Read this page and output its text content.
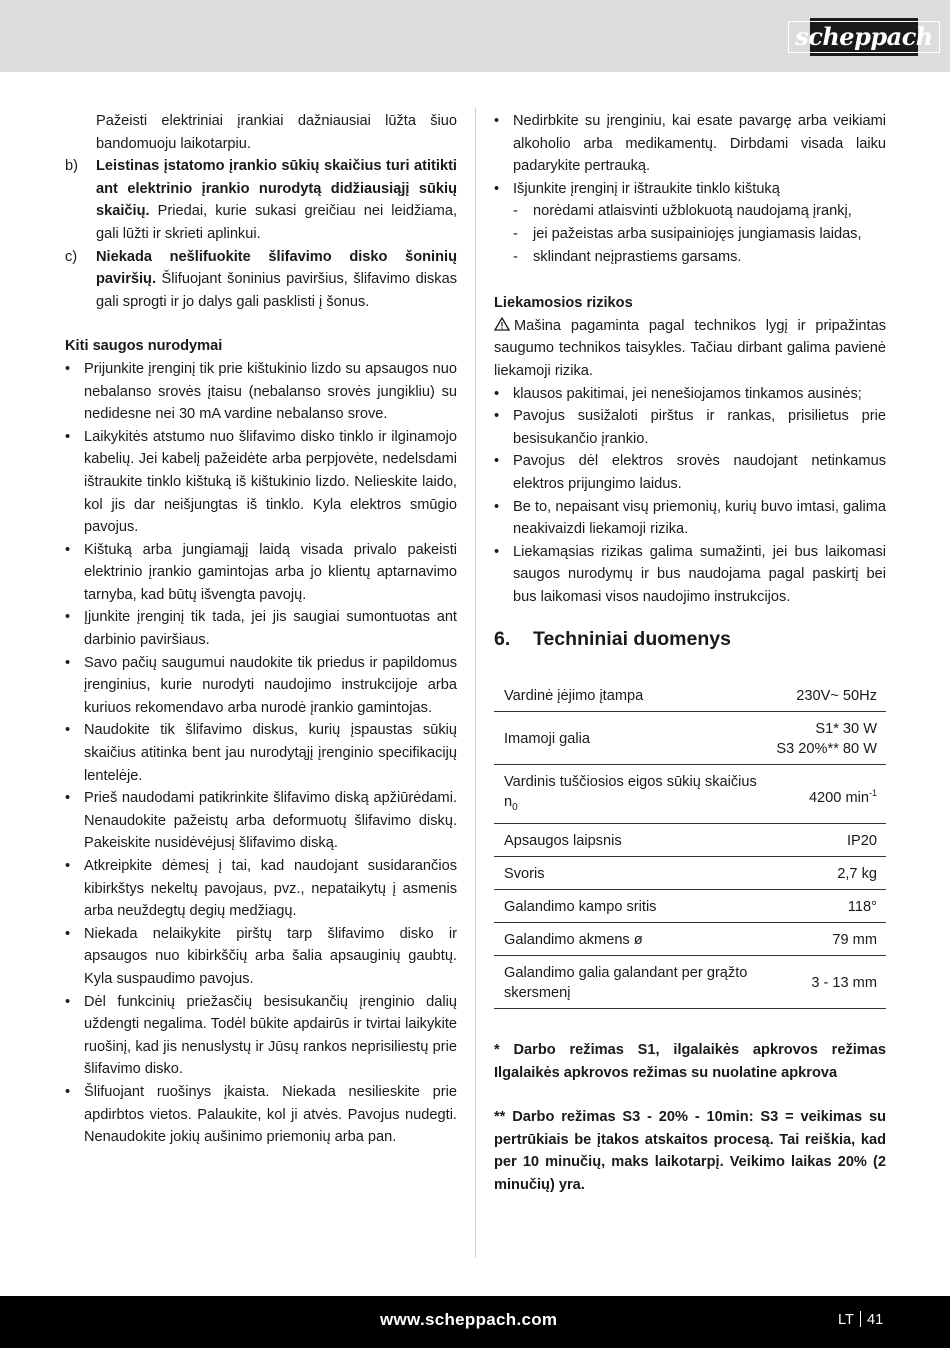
scheppach

Pažeisti elektriniai įrankiai dažniausiai lūžta šiuo bandomuoju laikotarpiu.

b) Leistinas įstatomo įrankio sūkių skaičius turi atitikti ant elektrinio įrankio nurodytą didžiausiąjį sūkių skaičių. Priedai, kurie sukasi greičiau nei leidžiama, gali lūžti ir skrieti aplinkui.
c) Niekada nešlifuokite šlifavimo disko šoninių paviršių. Šlifuojant šoninius paviršius, šlifavimo diskas gali sprogti ir jo dalys gali pasklisti į šonus.

Kiti saugos nurodymai

• Prijunkite įrenginį tik prie kištukinio lizdo su apsaugos nuo nebalanso srovės įtaisu (nebalanso srovės jungikliu) su nedidesne nei 30 mA vardine nebalanso srove.

• Laikykitės atstumo nuo šlifavimo disko tinklo ir ilginamojo kabelių. Jei kabelį pažeidėte arba perpjovėte, nedelsdami ištraukite tinklo kištuką iš kištukinio lizdo. Nelieskite laido, kol jis dar neišjungtas iš tinklo. Kyla elektros smūgio pavojus.

• Kištuką arba jungiamąjį laidą visada privalo pakeisti elektrinio įrankio gamintojas arba jo klientų aptarnavimo tarnyba, kad būtų išvengta pavojų.

• Įjunkite įrenginį tik tada, jei jis saugiai sumontuotas ant darbinio paviršiaus.

• Savo pačių saugumui naudokite tik priedus ir papildomus įrenginius, kurie nurodyti naudojimo instrukcijoje arba kuriuos rekomendavo arba nurodė įrankio gamintojas.

• Naudokite tik šlifavimo diskus, kurių įspaustas sūkių skaičius atitinka bent jau nurodytąjį įrenginio specifikacijų lentelėje.

• Prieš naudodami patikrinkite šlifavimo diską apžiūrėdami. Nenaudokite pažeistų arba deformuotų šlifavimo diskų. Pakeiskite nusidėvėjusį šlifavimo diską.

• Atkreipkite dėmesį į tai, kad naudojant susidarančios kibirkštys nekeltų pavojaus, pvz., nepataikytų į asmenis arba neuždegtų degių medžiagų.

• Niekada nelaikykite pirštų tarp šlifavimo disko ir apsaugos nuo kibirkščių arba šalia apsauginių gaubtų. Kyla suspaudimo pavojus.

• Dėl funkcinių priežasčių besisukančių įrenginio dalių uždengti negalima. Todėl būkite apdairūs ir tvirtai laikykite ruošinį, kad jis nenuslystų ir Jūsų rankos neprisiliestų prie šlifavimo disko.

• Šlifuojant ruošinys įkaista. Niekada nesilieskite prie apdirbtos vietos. Palaukite, kol ji atvės. Pavojus nudegti. Nenaudokite jokių aušinimo priemonių arba pan.

• Nedirbkite su įrenginiu, kai esate pavargę arba veikiami alkoholio arba medikamentų. Dirbdami visada laiku padarykite pertrauką.

• Išjunkite įrenginį ir ištraukite tinklo kištuką

- norėdami atlaisvinti užblokuotą naudojamą įrankį,

- jei pažeistas arba susipainiojęs jungiamasis laidas,

- sklindant neįprastiems garsams.

Liekamosios rizikos

Mašina pagaminta pagal technikos lygį ir pripažintas saugumo technikos taisykles. Tačiau dirbant galima pavienė liekamoji rizika.

• klausos pakitimai, jei nenešiojamos tinkamos ausinės;

• Pavojus susižaloti pirštus ir rankas, prisilietus prie besisukančio įrankio.

• Pavojus dėl elektros srovės naudojant netinkamus elektros prijungimo laidus.

• Be to, nepaisant visų priemonių, kurių buvo imtasi, galima neakivaizdi liekamoji rizika.

• Liekamąsias rizikas galima sumažinti, jei bus laikomasi saugos nurodymų ir bus naudojama pagal paskirtį bei bus laikomasi visos naudojimo instrukcijos.

6. Techniniai duomenys
Vardinė įėjimo įtampa	230V~ 50Hz
Imamoji galia	S1* 30 W
S3 20%** 80 W

Vardinis tuščiosios eigos sūkių skaičius $n_0$	4200 $\min^{-1}$
Apsaugos laipsnis	IP20
Svoris	2,7 kg
Galandimo kampo sritis	118°
Galandimo akmens ø	79 mm
Galandimo galia galandant per grąžto skersmenį	3 - 13 mm

* Darbo režimas S1, ilgalaikės apkrovos režimas Ilgalaikės apkrovos režimas su nuolatine apkrova

** Darbo režimas S3 - 20% - 10min: S3 = veikimas su pertrūkiais be įtakos atskaitos procesą. Tai reiškia, kad per 10 minučių, maks laikotarpį. Veikimo laikas 20% (2 minučių) yra.

www.scheppach.com	LT 41
